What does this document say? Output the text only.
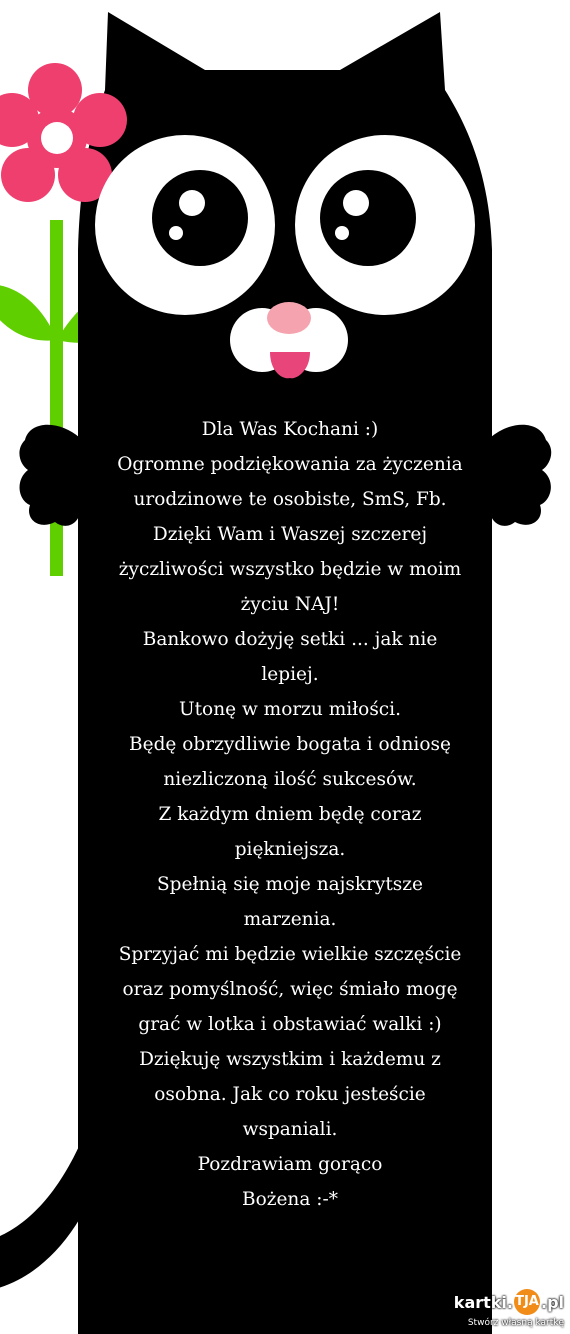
Dla Was Kochani :)
Ogromne podziękowania za życzenia
urodzinowe te osobiste, SmS, Fb.
Dzięki Wam i Waszej szczerej
życzliwości wszystko będzie w moim
życiu NAJ!
Bankowo dożyję setki ... jak nie
lepiej.
Utonę w morzu miłości.
Będę obrzydliwie bogata i odniosę
niezliczoną ilość sukcesów.
Z każdym dniem będę coraz
piękniejsza.
Spełnią się moje najskrytsze
marzenia.
Sprzyjać mi będzie wielkie szczęście
oraz pomyślność, więc śmiało mogę
grać w lotka i obstawiać walki :)
Dziękuję wszystkim i każdemu z
osobna. Jak co roku jesteście
wspaniali.
Pozdrawiam gorąco
Bożena :-*
kartki. TJA .pl
Stwórz własną kartkę
